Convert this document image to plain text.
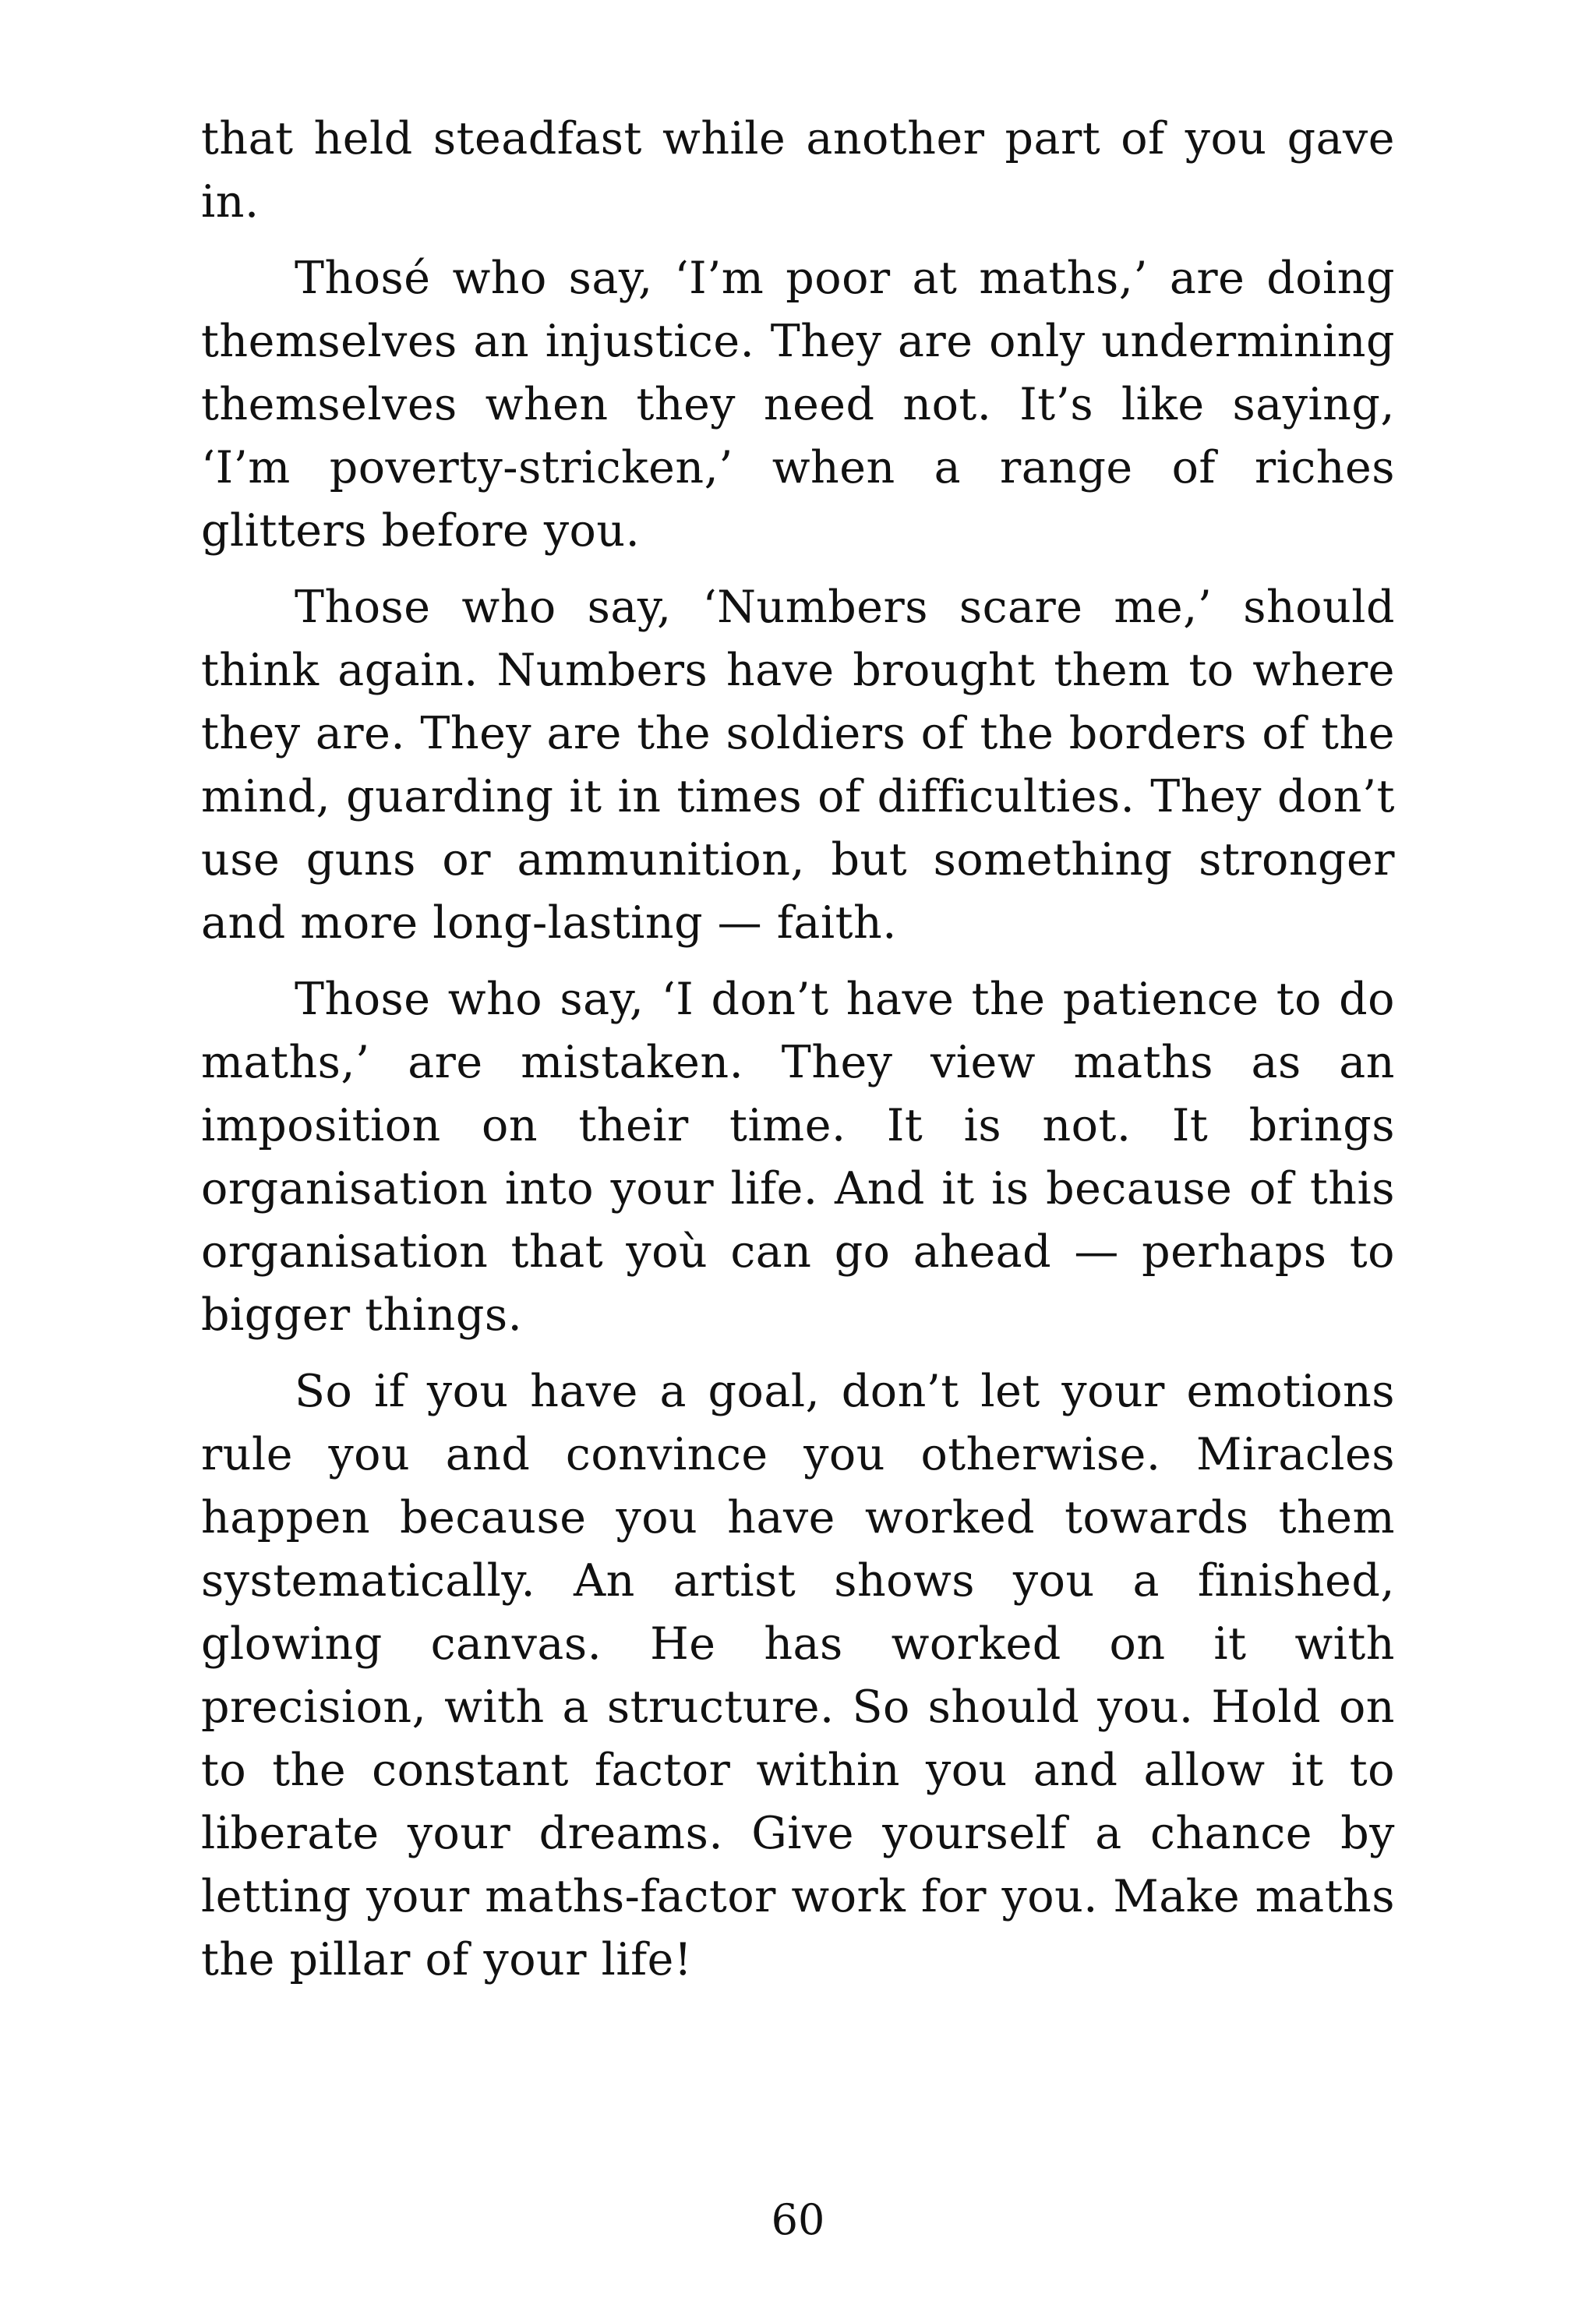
that held steadfast while another part of you gave in.

Thosé who say, ‘I’m poor at maths,’ are doing themselves an injustice. They are only undermining themselves when they need not. It’s like saying, ‘I’m poverty-stricken,’ when a range of riches glitters before you.

Those who say, ‘Numbers scare me,’ should think again. Numbers have brought them to where they are. They are the soldiers of the borders of the mind, guarding it in times of difficulties. They don’t use guns or ammunition, but something stronger and more long-lasting — faith.

Those who say, ‘I don’t have the patience to do maths,’ are mistaken. They view maths as an imposition on their time. It is not. It brings organisation into your life. And it is because of this organisation that yoù can go ahead — perhaps to bigger things.

So if you have a goal, don’t let your emotions rule you and convince you otherwise. Miracles happen because you have worked towards them systematically. An artist shows you a finished, glowing canvas. He has worked on it with precision, with a structure. So should you. Hold on to the constant factor within you and allow it to liberate your dreams. Give yourself a chance by letting your maths-factor work for you. Make maths the pillar of your life!

60
